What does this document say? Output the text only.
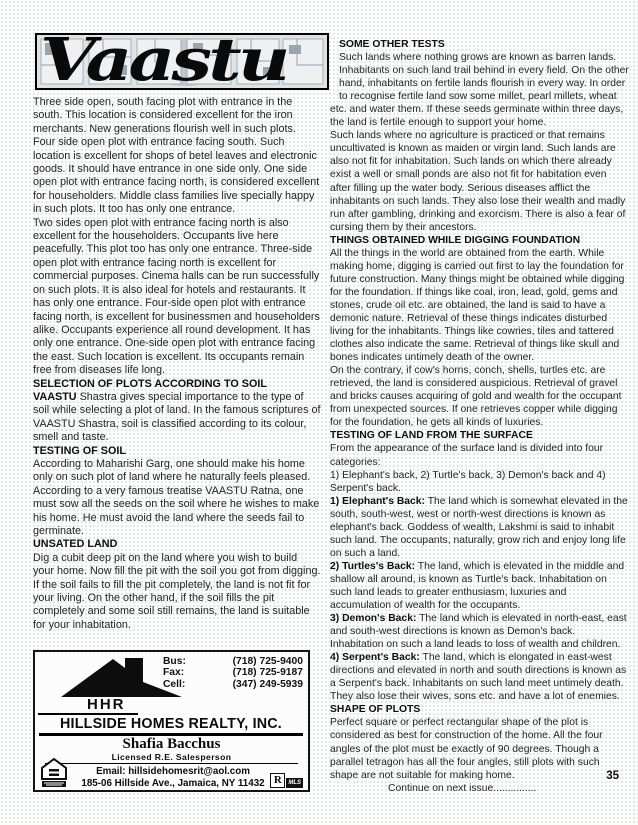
Vaastu

Three side open, south facing plot with entrance in the south. This location is considered excellent for the iron merchants. New generations flourish well in such plots.

Four side open plot with entrance facing south. Such location is excellent for shops of betel leaves and electronic goods. It should have entrance in one side only. One side open plot with entrance facing north, is considered excellent for householders. Middle class families live specially happy in such plots. It too has only one entrance.

Two sides open plot with entrance facing north is also excellent for the householders. Occupants live here peacefully. This plot too has only one entrance. Three-side open plot with entrance facing north is excellent for commercial purposes. Cinema halls can be run successfully on such plots. It is also ideal for hotels and restaurants. It has only one entrance. Four-side open plot with entrance facing north, is excellent for businessmen and householders alike. Occupants experience all round development. It has only one entrance. One-side open plot with entrance facing the east. Such location is excellent. Its occupants remain free from diseases life long.

SELECTION OF PLOTS ACCORDING TO SOIL

VAASTU Shastra gives special importance to the type of soil while selecting a plot of land. In the famous scriptures of VAASTU Shastra, soil is classified according to its colour, smell and taste.

TESTING OF SOIL

According to Maharishi Garg, one should make his home only on such plot of land where he naturally feels pleased. According to a very famous treatise VAASTU Ratna, one must sow all the seeds on the soil where he wishes to make his home. He must avoid the land where the seeds fail to germinate.

UNSATED LAND

Dig a cubit deep pit on the land where you wish to build your home. Now fill the pit with the soil you got from digging. If the soil fails to fill the pit completely, the land is not fit for your living. On the other hand, if the soil fills the pit completely and some soil still remains, the land is suitable for your inhabitation.

SOME OTHER TESTS

Such lands where nothing grows are known as barren lands. Inhabitants on such land trail behind in every field. On the other hand, inhabitants on fertile lands flourish in every way. In order to recognise fertile land sow some millet, pearl millets, wheat etc. and water them. If these seeds germinate within three days, the land is fertile enough to support your home.

Such lands where no agriculture is practiced or that remains uncultivated is known as maiden or virgin land. Such lands are also not fit for inhabitation. Such lands on which there already exist a well or small ponds are also not fit for habitation even after filling up the water body. Serious diseases afflict the inhabitants on such lands. They also lose their wealth and madly run after gambling, drinking and exorcism. There is also a fear of cursing them by their ancestors.

THINGS OBTAINED WHILE DIGGING FOUNDATION

All the things in the world are obtained from the earth. While making home, digging is carried out first to lay the foundation for future construction. Many things might be obtained while digging for the foundation. If things like coal, iron, lead, gold, gems and stones, crude oil etc. are obtained, the land is said to have a demonic nature. Retrieval of these things indicates disturbed living for the inhabitants. Things like cowries, tiles and tattered clothes also indicate the same. Retrieval of things like skull and bones indicates untimely death of the owner.

On the contrary, if cow's horns, conch, shells, turtles etc. are retrieved, the land is considered auspicious. Retrieval of gravel and bricks causes acquiring of gold and wealth for the occupant from unexpected sources. If one retrieves copper while digging for the foundation, he gets all kinds of luxuries.

TESTING OF LAND FROM THE SURFACE

From the appearance of the surface land is divided into four categories:

1) Elephant's back, 2) Turtle's back, 3) Demon's back and 4) Serpent's back.

1) Elephant's Back: The land which is somewhat elevated in the south, south-west, west or north-west directions is known as elephant's back. Goddess of wealth, Lakshmi is said to inhabit such land. The occupants, naturally, grow rich and enjoy long life on such a land.

2) Turtles's Back: The land, which is elevated in the middle and shallow all around, is known as Turtle's back. Inhabitation on such land leads to greater enthusiasm, luxuries and accumulation of wealth for the occupants.

3) Demon's Back: The land which is elevated in north-east, east and south-west directions is known as Demon's back. Inhabitation on such a land leads to loss of wealth and children.

4) Serpent's Back: The land, which is elongated in east-west directions and elevated in north and south directions is known as a Serpent's back. Inhabitants on such land meet untimely death. They also lose their wives, sons etc. and have a lot of enemies.

SHAPE OF PLOTS

Perfect square or perfect rectangular shape of the plot is considered as best for construction of the home. All the four angles of the plot must be exactly of 90 degrees. Though a parallel tetragon has all the four angles, still plots with such shape are not suitable for making home.	35
Continue on next issue...............
Bus:	(718) 725-9400
Fax:	(718) 725-9187
Cell:	(347) 249-5939
HHR
HILLSIDE HOMES REALTY, INC.
Shafia Bacchus
Licensed R.E. Salesperson
Email: hillsidehomesrit@aol.com
185-06 Hillside Ave., Jamaica, NY 11432 R MLS
